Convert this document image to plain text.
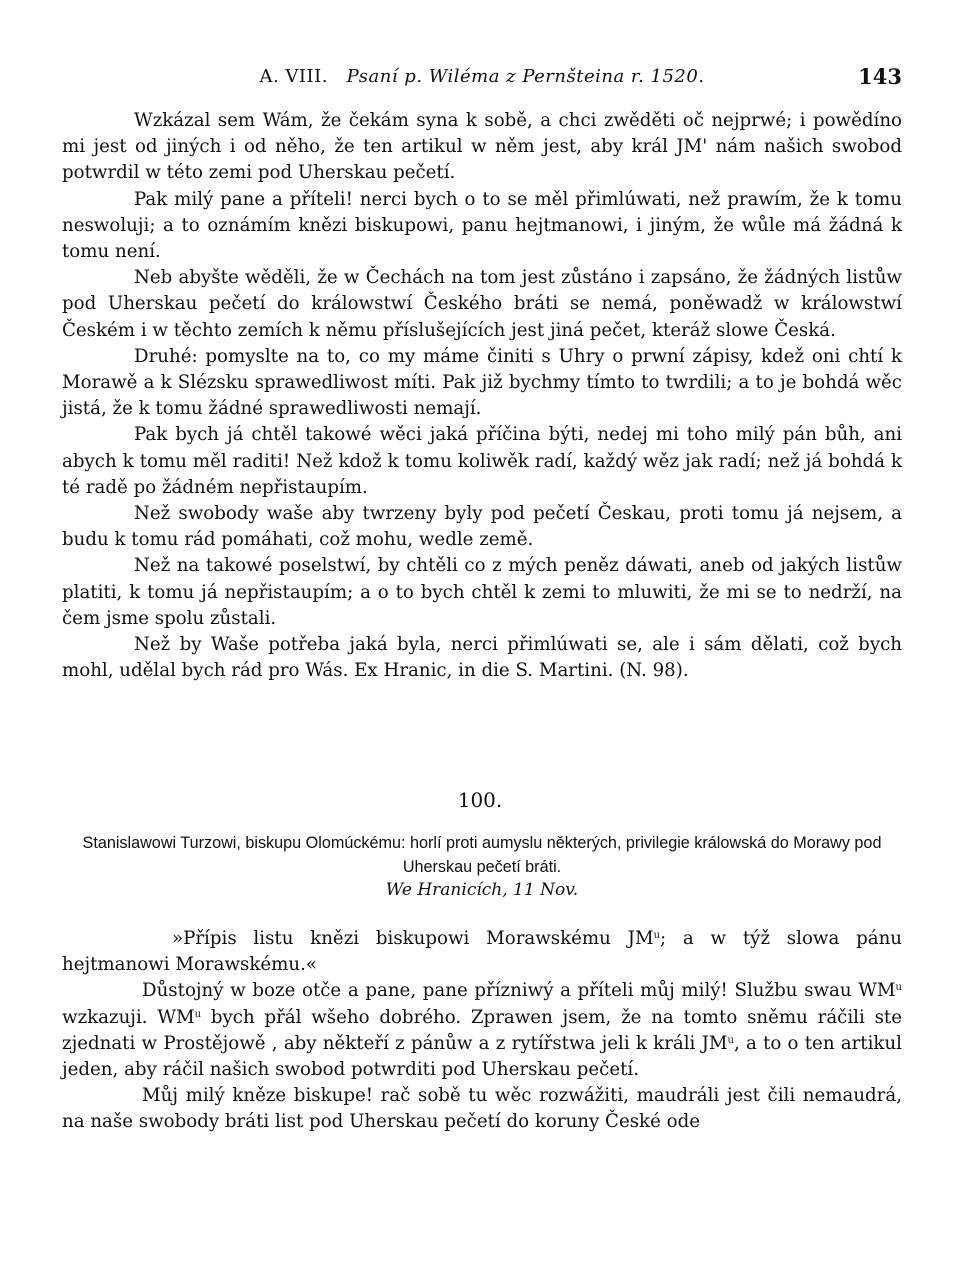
A. VIII. Psaní p. Wiléma z Pernšteina r. 1520.	143

Wzkázal sem Wám, že čekám syna k sobě, a chci zwěděti oč nejprwé; i powědíno mi jest od jiných i od něho, že ten artikul w něm jest, aby král JM' nám našich swobod potwrdil w této zemi pod Uherskau pečetí.

Pak milý pane a příteli! nerci bych o to se měl přimlúwati, než prawím, že k tomu neswoluji; a to oznámím knězi biskupowi, panu hejtmanowi, i jiným, že wůle má žádná k tomu není.

Neb abyšte wěděli, že w Čechách na tom jest zůstáno i zapsáno, že žádných listůw pod Uherskau pečetí do králowstwí Českého bráti se nemá, poněwadž w králowstwí Českém i w těchto zemích k němu příslušejících jest jiná pečet, kteráž slowe Česká.

Druhé: pomyslte na to, co my máme činiti s Uhry o prwní zápisy, kdež oni chtí k Morawě a k Slézsku sprawedliwost míti. Pak již bychmy tímto to twrdili; a to je bohdá wěc jistá, že k tomu žádné sprawedliwosti nemají.

Pak bych já chtěl takowé wěci jaká příčina býti, nedej mi toho milý pán bůh, ani abych k tomu měl raditi! Než kdož k tomu koliwěk radí, každý wěz jak radí; než já bohdá k té radě po žádném nepřistaupím.

Než swobody waše aby twrzeny byly pod pečetí Českau, proti tomu já nejsem, a budu k tomu rád pomáhati, což mohu, wedle země.

Než na takowé poselstwí, by chtěli co z mých peněz dáwati, aneb od jakých listůw platiti, k tomu já nepřistaupím; a o to bych chtěl k zemi to mluwiti, že mi se to nedrží, na čem jsme spolu zůstali.

Než by Waše potřeba jaká byla, nerci přimlúwati se, ale i sám dělati, což bych mohl, udělal bych rád pro Wás. Ex Hranic, in die S. Martini. (N. 98).

100.
Stanislawowi Turzowi, biskupu Olomúckému: horlí proti aumyslu některých, privilegie králowská do Morawy pod Uherskau pečetí bráti.
We Hranicích, 11 Nov.

»Přípis listu knězi biskupowi Morawskému $JM^u$; a w týž slowa pánu hejtmanowi Morawskému.«

Důstojný w boze otče a pane, pane přízniwý a příteli můj milý! Službu swau $WM^u$ wzkazuji. $WM^u$ bych přál wšeho dobrého. Zprawen jsem, že na tomto sněmu ráčili ste zjednati w Prostějowě , aby někteří z pánůw a z rytířstwa jeli k králi $JM^u$, a to o ten artikul jeden, aby ráčil našich swobod potwrditi pod Uherskau pečetí.

Můj milý kněze biskupe! rač sobě tu wěc rozwážiti, maudráli jest čili nemaudrá, na naše swobody bráti list pod Uherskau pečetí do koruny České ode
